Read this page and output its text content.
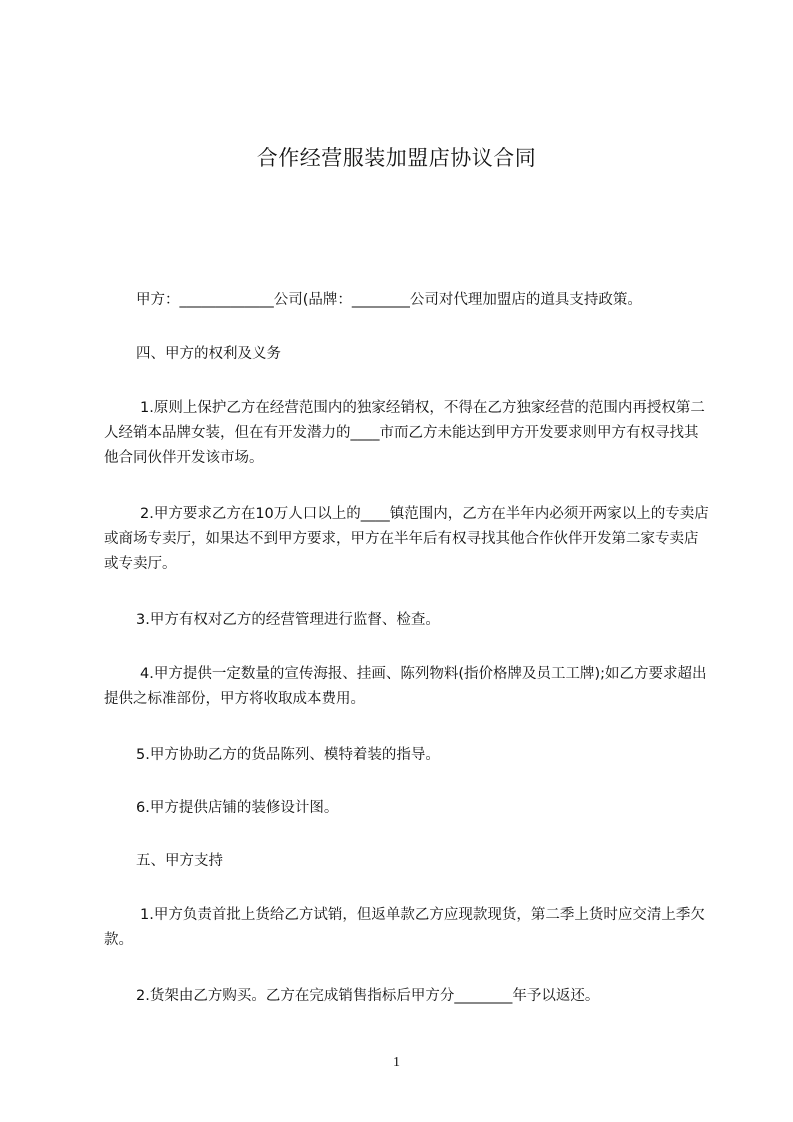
合作经营服装加盟店协议合同
甲方：_____________公司(品牌：________公司对代理加盟店的道具支持政策。
四、甲方的权利及义务
1.原则上保护乙方在经营范围内的独家经销权，不得在乙方独家经营的范围内再授权第二人经销本品牌女装，但在有开发潜力的____市而乙方未能达到甲方开发要求则甲方有权寻找其他合同伙伴开发该市场。
2.甲方要求乙方在10万人口以上的____镇范围内，乙方在半年内必须开两家以上的专卖店或商场专卖厅，如果达不到甲方要求，甲方在半年后有权寻找其他合作伙伴开发第二家专卖店或专卖厅。
3.甲方有权对乙方的经营管理进行监督、检查。
4.甲方提供一定数量的宣传海报、挂画、陈列物料(指价格牌及员工工牌);如乙方要求超出提供之标准部份，甲方将收取成本费用。
5.甲方协助乙方的货品陈列、模特着装的指导。
6.甲方提供店铺的装修设计图。
五、甲方支持
1.甲方负责首批上货给乙方试销，但返单款乙方应现款现货，第二季上货时应交清上季欠款。
2.货架由乙方购买。乙方在完成销售指标后甲方分________年予以返还。
1
